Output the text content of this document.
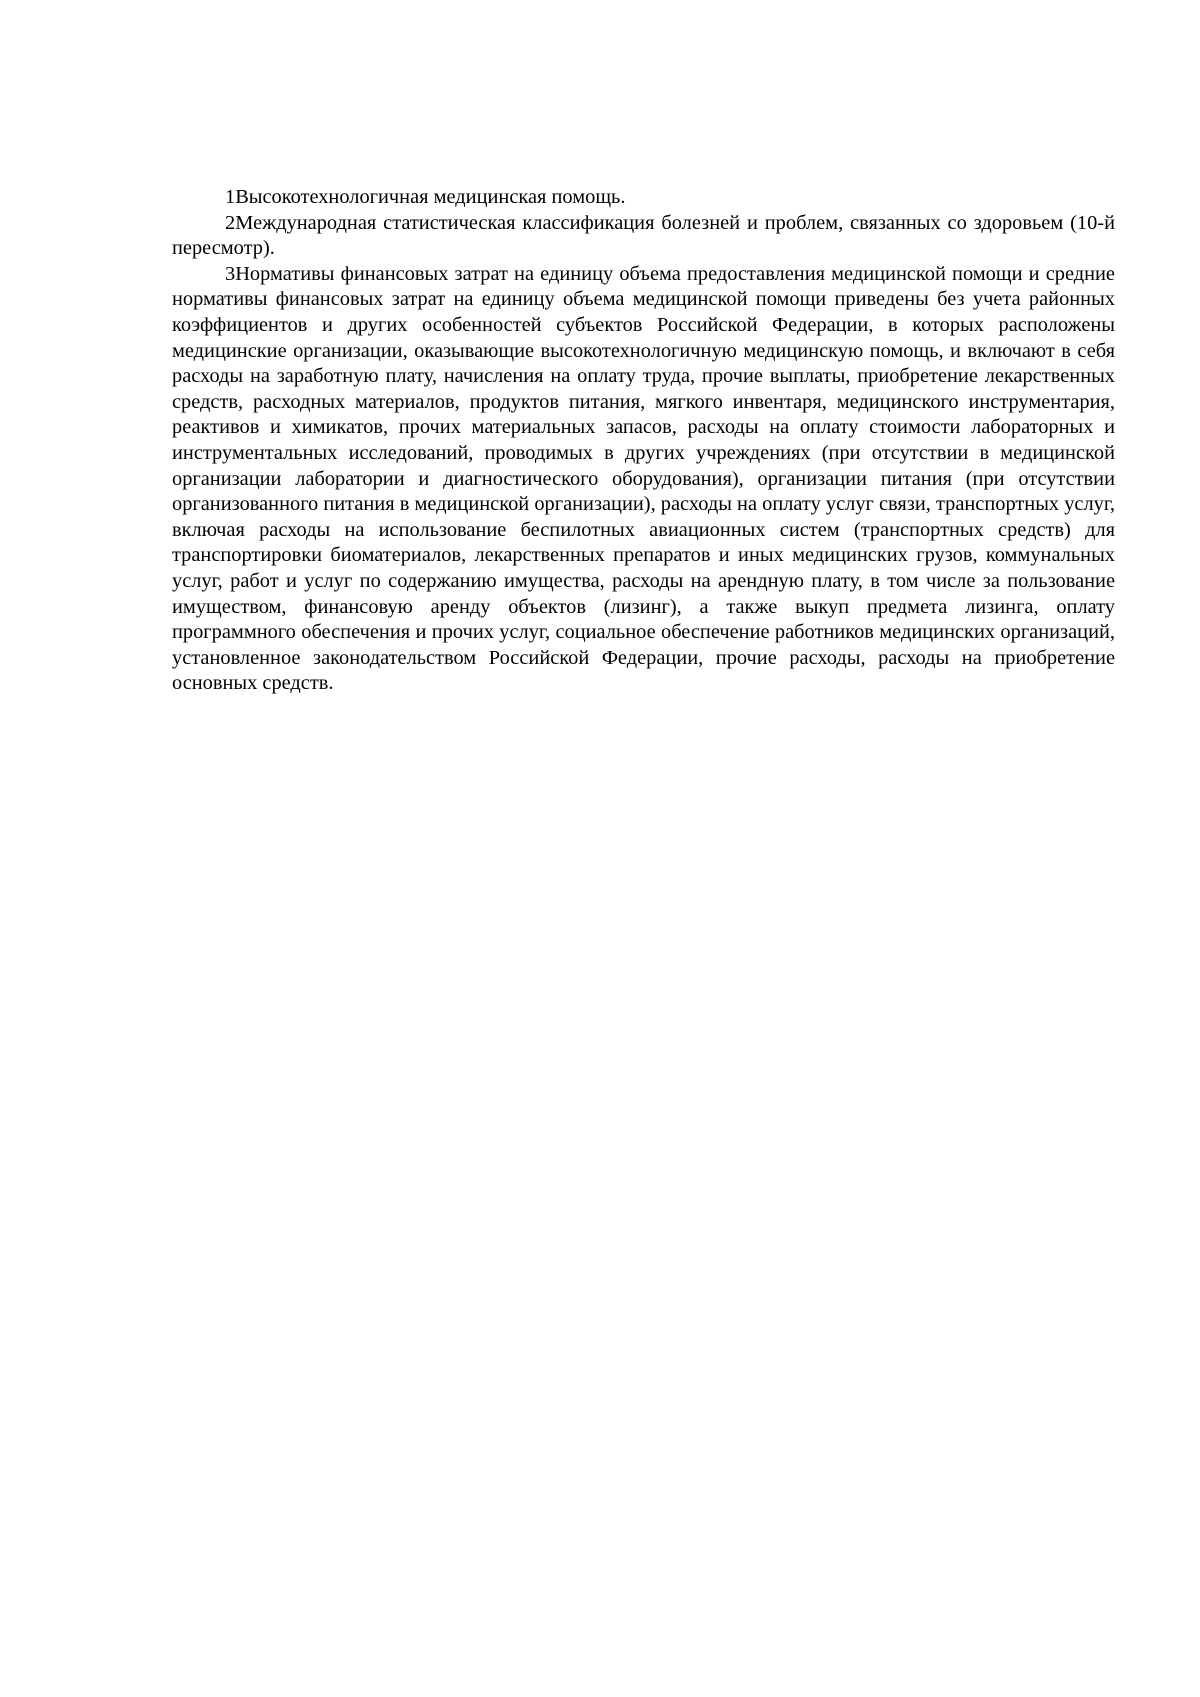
1Высокотехнологичная медицинская помощь.

2Международная статистическая классификация болезней и проблем, связанных со здоровьем (10-й пересмотр).

3Нормативы финансовых затрат на единицу объема предоставления медицинской помощи и средние нормативы финансовых затрат на единицу объема медицинской помощи приведены без учета районных коэффициентов и других особенностей субъектов Российской Федерации, в которых расположены медицинские организации, оказывающие высокотехнологичную медицинскую помощь, и включают в себя расходы на заработную плату, начисления на оплату труда, прочие выплаты, приобретение лекарственных средств, расходных материалов, продуктов питания, мягкого инвентаря, медицинского инструментария, реактивов и химикатов, прочих материальных запасов, расходы на оплату стоимости лабораторных и инструментальных исследований, проводимых в других учреждениях (при отсутствии в медицинской организации лаборатории и диагностического оборудования), организации питания (при отсутствии организованного питания в медицинской организации), расходы на оплату услуг связи, транспортных услуг, включая расходы на использование беспилотных авиационных систем (транспортных средств) для транспортировки биоматериалов, лекарственных препаратов и иных медицинских грузов, коммунальных услуг, работ и услуг по содержанию имущества, расходы на арендную плату, в том числе за пользование имуществом, финансовую аренду объектов (лизинг), а также выкуп предмета лизинга, оплату программного обеспечения и прочих услуг, социальное обеспечение работников медицинских организаций, установленное законодательством Российской Федерации, прочие расходы, расходы на приобретение основных средств.
